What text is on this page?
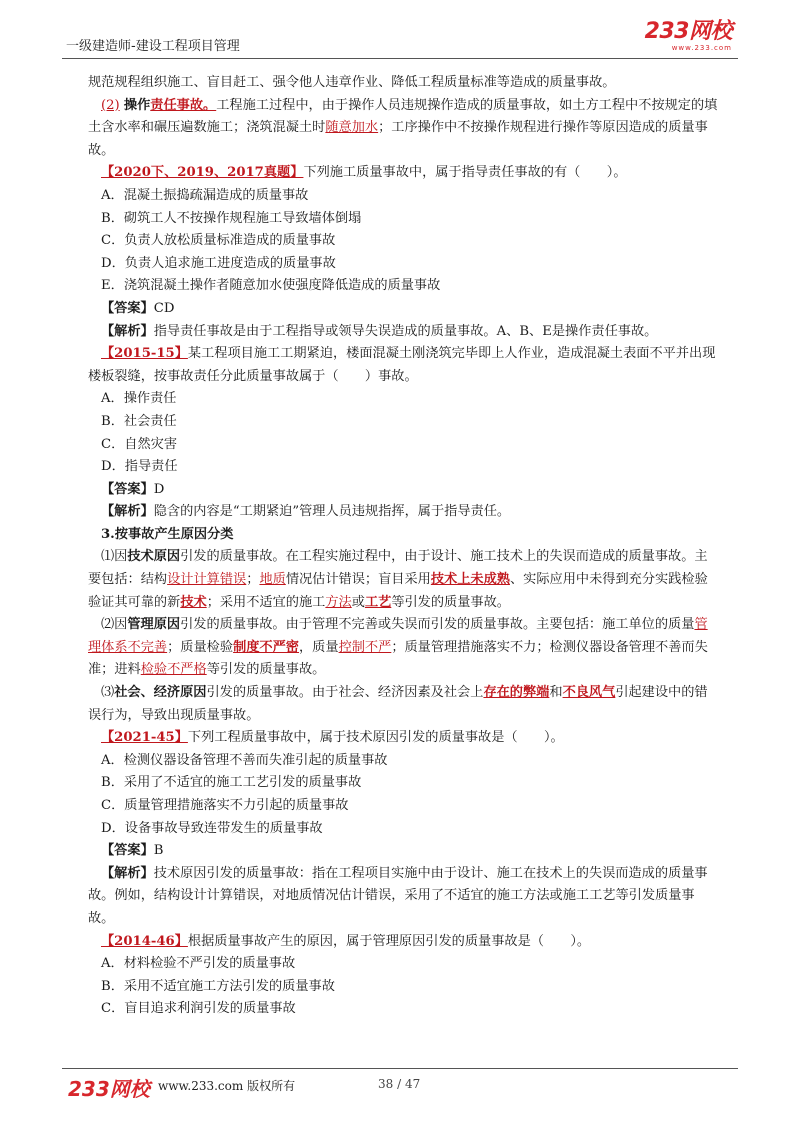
一级建造师-建设工程项目管理
233网校
www.233.com

规范规程组织施工、盲目赶工、强令他人违章作业、降低工程质量标准等造成的质量事故。

(2) 操作责任事故。工程施工过程中，由于操作人员违规操作造成的质量事故，如土方工程中不按规定的填土含水率和碾压遍数施工；浇筑混凝土时随意加水；工序操作中不按操作规程进行操作等原因造成的质量事故。

【2020下、2019、2017真题】下列施工质量事故中，属于指导责任事故的有（　　）。

A．混凝土振捣疏漏造成的质量事故

B．砌筑工人不按操作规程施工导致墙体倒塌

C．负责人放松质量标准造成的质量事故

D．负责人追求施工进度造成的质量事故

E．浇筑混凝土操作者随意加水使强度降低造成的质量事故

【答案】CD

【解析】指导责任事故是由于工程指导或领导失误造成的质量事故。A、B、E是操作责任事故。

【2015-15】某工程项目施工工期紧迫，楼面混凝土刚浇筑完毕即上人作业，造成混凝土表面不平并出现楼板裂缝，按事故责任分此质量事故属于（　　）事故。

A．操作责任

B．社会责任

C．自然灾害

D．指导责任

【答案】D

【解析】隐含的内容是“工期紧迫”管理人员违规指挥，属于指导责任。

3.按事故产生原因分类

⑴因技术原因引发的质量事故。在工程实施过程中，由于设计、施工技术上的失误而造成的质量事故。主要包括：结构设计计算错误；地质情况估计错误；盲目采用技术上未成熟、实际应用中未得到充分实践检验验证其可靠的新技术；采用不适宜的施工方法或工艺等引发的质量事故。

⑵因管理原因引发的质量事故。由于管理不完善或失误而引发的质量事故。主要包括：施工单位的质量管理体系不完善；质量检验制度不严密，质量控制不严；质量管理措施落实不力；检测仪器设备管理不善而失准；进料检验不严格等引发的质量事故。

⑶社会、经济原因引发的质量事故。由于社会、经济因素及社会上存在的弊端和不良风气引起建设中的错误行为，导致出现质量事故。

【2021-45】下列工程质量事故中，属于技术原因引发的质量事故是（　　）。

A．检测仪器设备管理不善而失准引起的质量事故

B．采用了不适宜的施工工艺引发的质量事故

C．质量管理措施落实不力引起的质量事故

D．设备事故导致连带发生的质量事故

【答案】B

【解析】技术原因引发的质量事故：指在工程项目实施中由于设计、施工在技术上的失误而造成的质量事故。例如，结构设计计算错误，对地质情况估计错误，采用了不适宜的施工方法或施工工艺等引发质量事故。

【2014-46】根据质量事故产生的原因，属于管理原因引发的质量事故是（　　）。

A．材料检验不严引发的质量事故

B．采用不适宜施工方法引发的质量事故

C．盲目追求利润引发的质量事故

233网校 www.233.com 版权所有	38 / 47
